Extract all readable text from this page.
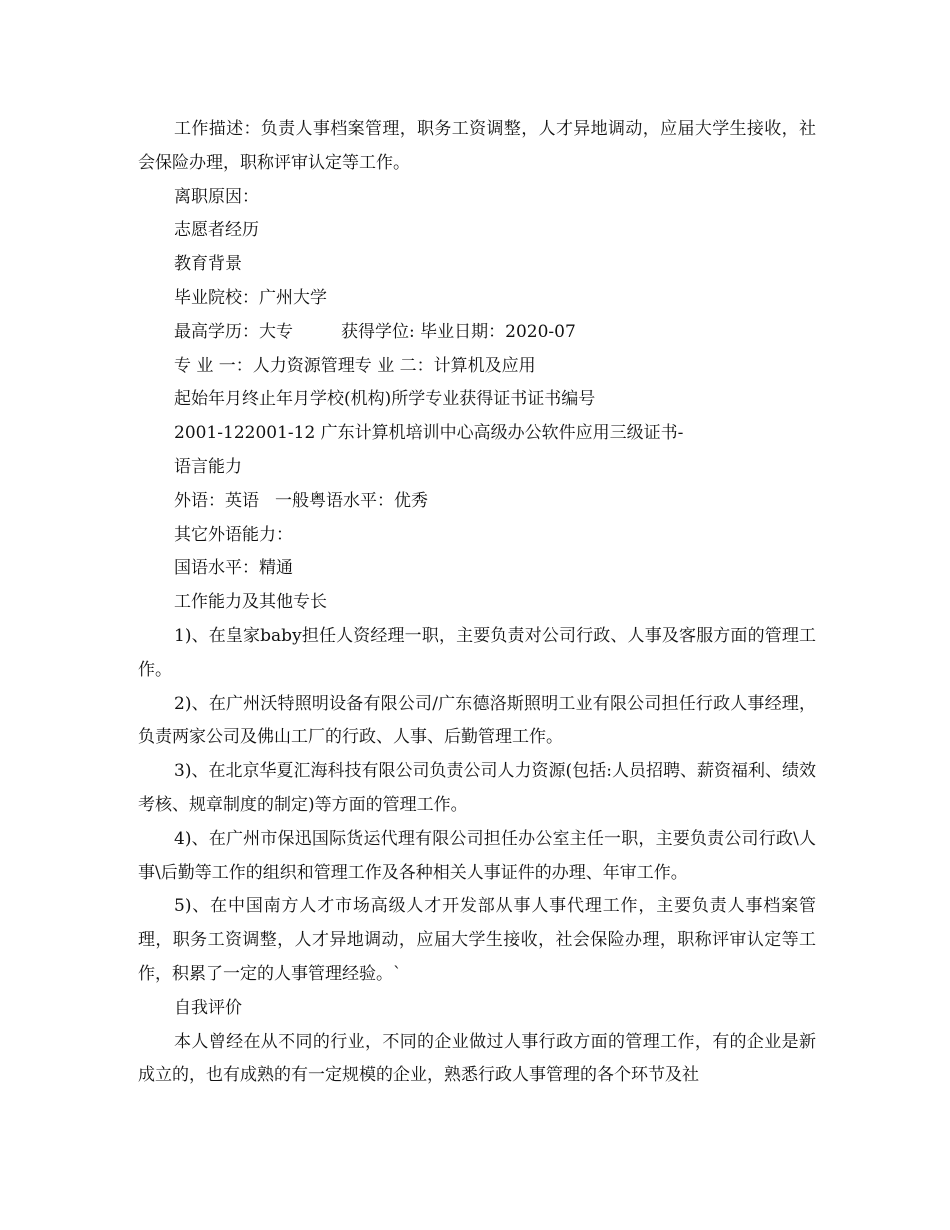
工作描述：负责人事档案管理，职务工资调整，人才异地调动，应届大学生接收，社会保险办理，职称评审认定等工作。

离职原因：

志愿者经历

教育背景

毕业院校：广州大学

最高学历：大专	获得学位: 毕业日期：2020-07

专 业 一：人力资源管理专 业 二：计算机及应用

起始年月终止年月学校(机构)所学专业获得证书证书编号

2001-122001-12 广东计算机培训中心高级办公软件应用三级证书-

语言能力

外语：英语 一般粤语水平：优秀

其它外语能力：

国语水平：精通

工作能力及其他专长

1)、在皇家baby担任人资经理一职，主要负责对公司行政、人事及客服方面的管理工作。

2)、在广州沃特照明设备有限公司/广东德洛斯照明工业有限公司担任行政人事经理，负责两家公司及佛山工厂的行政、人事、后勤管理工作。

3)、在北京华夏汇海科技有限公司负责公司人力资源(包括:人员招聘、薪资福利、绩效考核、规章制度的制定)等方面的管理工作。

4)、在广州市保迅国际货运代理有限公司担任办公室主任一职，主要负责公司行政\人事\后勤等工作的组织和管理工作及各种相关人事证件的办理、年审工作。

5)、在中国南方人才市场高级人才开发部从事人事代理工作，主要负责人事档案管理，职务工资调整，人才异地调动，应届大学生接收，社会保险办理，职称评审认定等工作，积累了一定的人事管理经验。`

自我评价

本人曾经在从不同的行业，不同的企业做过人事行政方面的管理工作，有的企业是新成立的，也有成熟的有一定规模的企业，熟悉行政人事管理的各个环节及社
